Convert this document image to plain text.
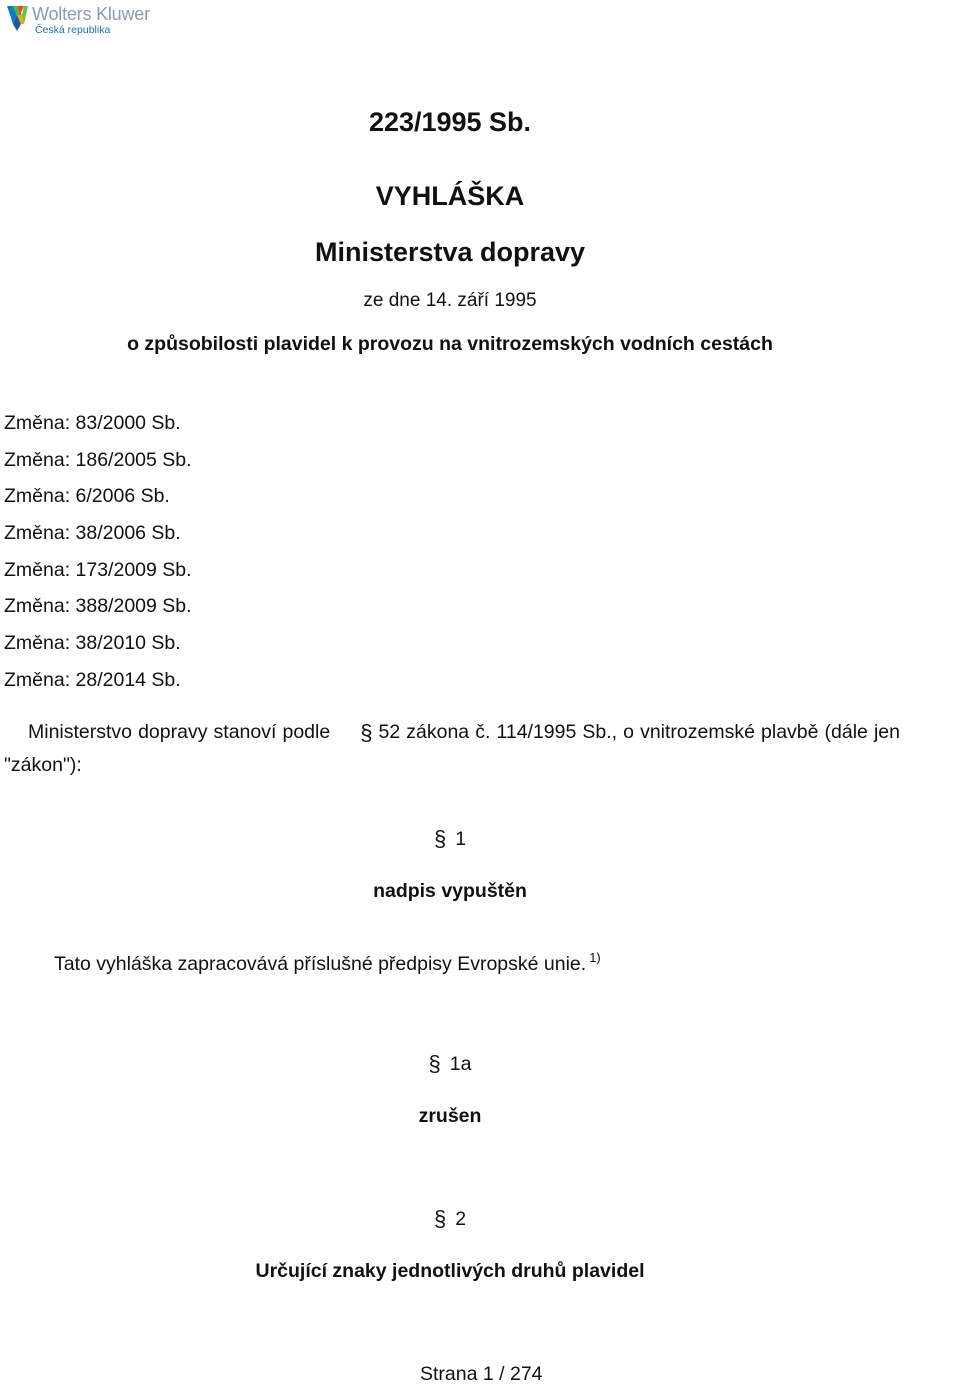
Wolters Kluwer
Česká republika
223/1995 Sb.
VYHLÁŠKA
Ministerstva dopravy
ze dne 14. září 1995
o způsobilosti plavidel k provozu na vnitrozemských vodních cestách
Změna: 83/2000 Sb.
Změna: 186/2005 Sb.
Změna: 6/2006 Sb.
Změna: 38/2006 Sb.
Změna: 173/2009 Sb.
Změna: 388/2009 Sb.
Změna: 38/2010 Sb.
Změna: 28/2014 Sb.

Ministerstvo dopravy stanoví podle § 52 zákona č. 114/1995 Sb., o vnitrozemské plavbě (dále jen "zákon"):

§ 1
nadpis vypuštěn
Tato vyhláška zapracovává příslušné předpisy Evropské unie. $^{1)}$
§ 1a
zrušen
§ 2
Určující znaky jednotlivých druhů plavidel
Strana 1 / 274
